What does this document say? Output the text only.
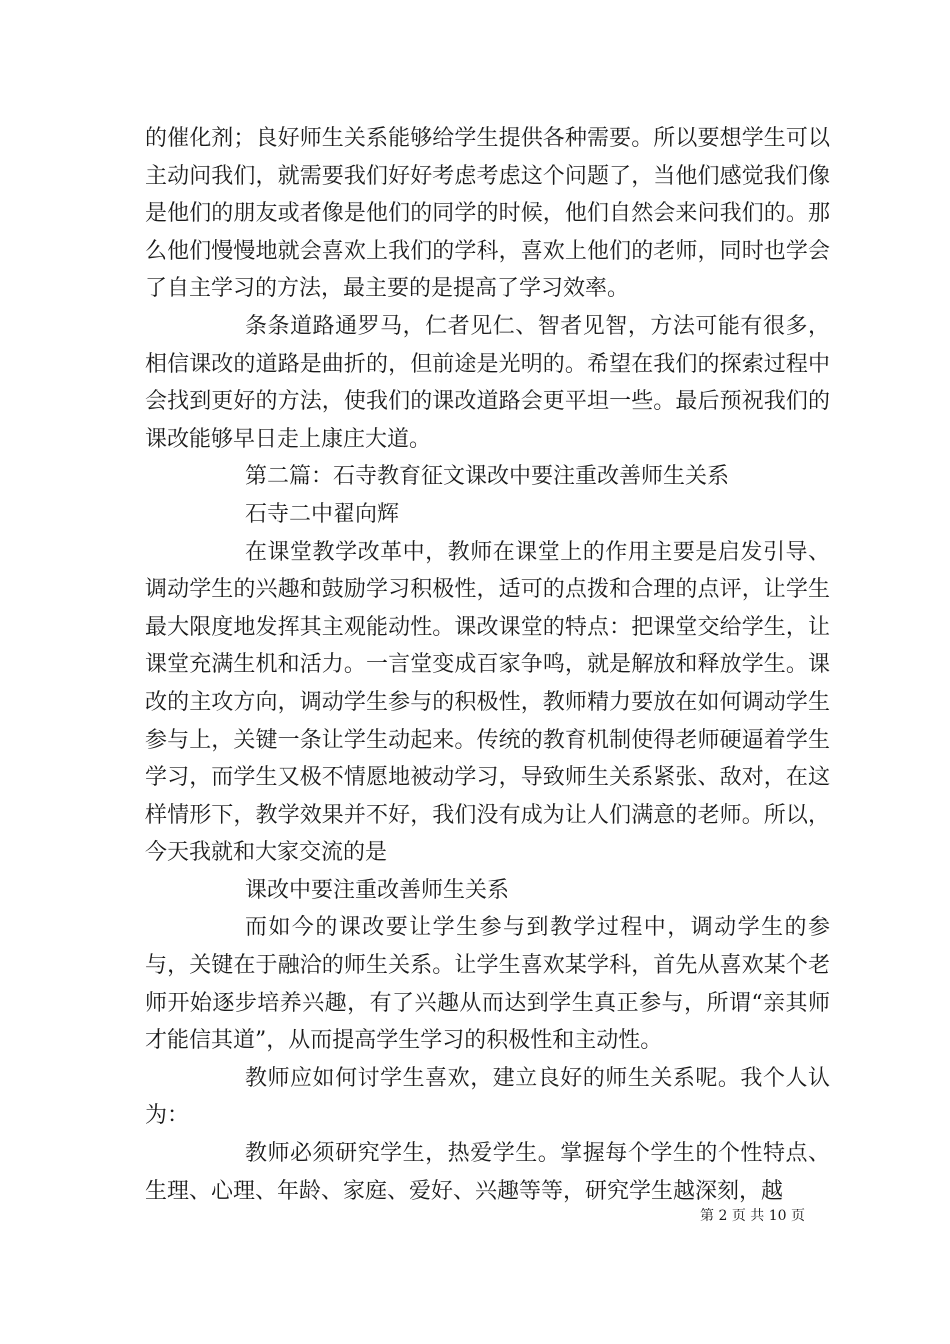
的催化剂；良好师生关系能够给学生提供各种需要。所以要想学生可以主动问我们，就需要我们好好考虑考虑这个问题了，当他们感觉我们像是他们的朋友或者像是他们的同学的时候，他们自然会来问我们的。那么他们慢慢地就会喜欢上我们的学科，喜欢上他们的老师，同时也学会了自主学习的方法，最主要的是提高了学习效率。

条条道路通罗马，仁者见仁、智者见智，方法可能有很多，相信课改的道路是曲折的，但前途是光明的。希望在我们的探索过程中会找到更好的方法，使我们的课改道路会更平坦一些。最后预祝我们的课改能够早日走上康庄大道。

第二篇：石寺教育征文课改中要注重改善师生关系

石寺二中翟向辉

在课堂教学改革中，教师在课堂上的作用主要是启发引导、调动学生的兴趣和鼓励学习积极性，适可的点拨和合理的点评，让学生最大限度地发挥其主观能动性。课改课堂的特点：把课堂交给学生，让课堂充满生机和活力。一言堂变成百家争鸣，就是解放和释放学生。课改的主攻方向，调动学生参与的积极性，教师精力要放在如何调动学生参与上，关键一条让学生动起来。传统的教育机制使得老师硬逼着学生学习，而学生又极不情愿地被动学习，导致师生关系紧张、敌对，在这样情形下，教学效果并不好，我们没有成为让人们满意的老师。所以，今天我就和大家交流的是

课改中要注重改善师生关系

而如今的课改要让学生参与到教学过程中，调动学生的参与，关键在于融洽的师生关系。让学生喜欢某学科，首先从喜欢某个老师开始逐步培养兴趣，有了兴趣从而达到学生真正参与，所谓“亲其师才能信其道”，从而提高学生学习的积极性和主动性。

教师应如何讨学生喜欢，建立良好的师生关系呢。我个人认为：

教师必须研究学生，热爱学生。掌握每个学生的个性特点、生理、心理、年龄、家庭、爱好、兴趣等等，研究学生越深刻，越

第 2 页 共 10 页
